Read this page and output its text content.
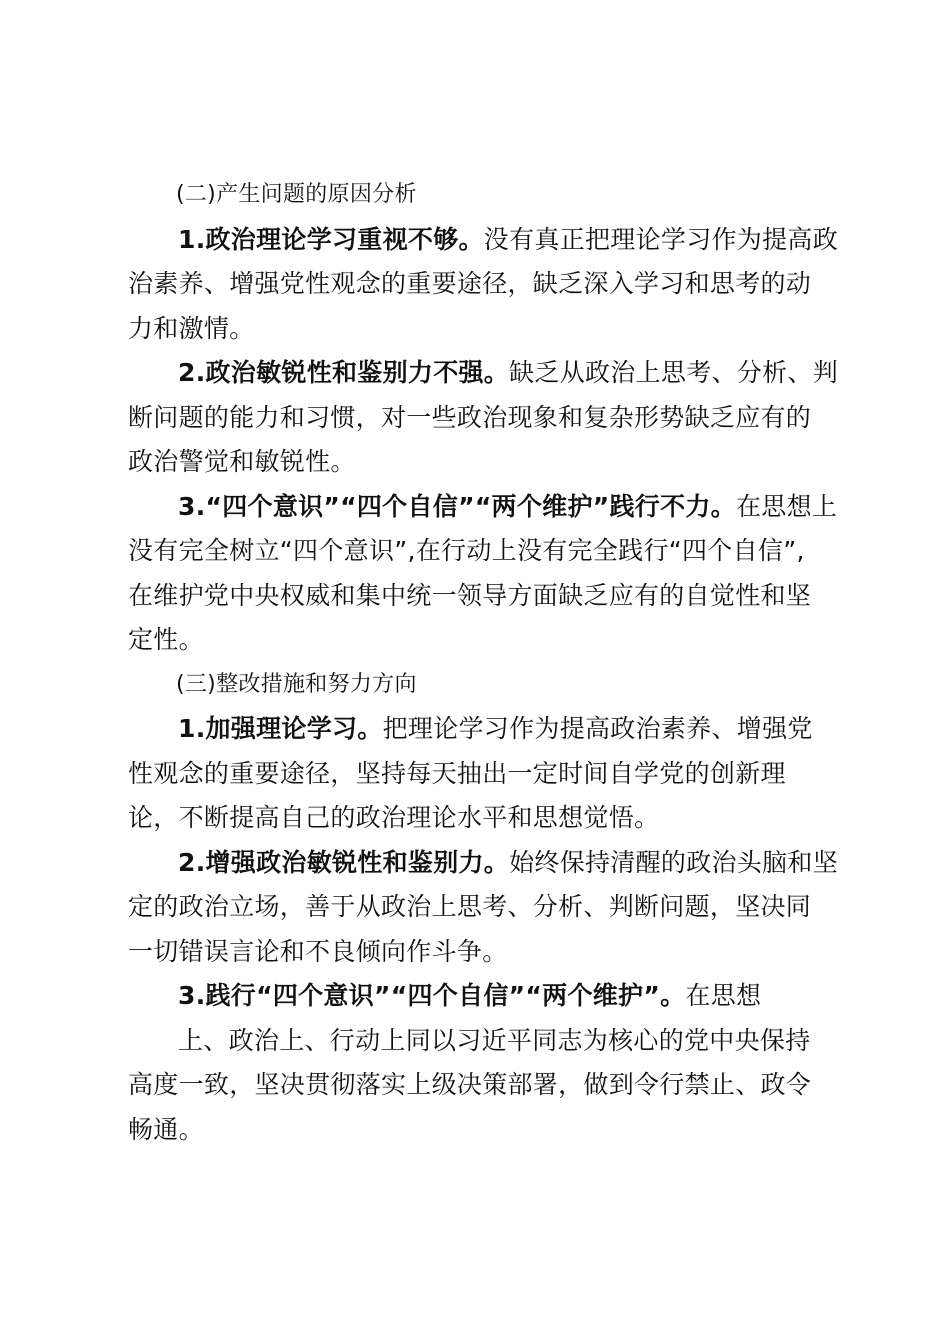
(二)产生问题的原因分析

1.政治理论学习重视不够。没有真正把理论学习作为提高政
治素养、增强党性观念的重要途径，缺乏深入学习和思考的动
力和激情。
2.政治敏锐性和鉴别力不强。缺乏从政治上思考、分析、判
断问题的能力和习惯，对一些政治现象和复杂形势缺乏应有的
政治警觉和敏锐性。
3.“四个意识”“四个自信”“两个维护”践行不力。在思想上
没有完全树立“四个意识”,在行动上没有完全践行“四个自信”,
在维护党中央权威和集中统一领导方面缺乏应有的自觉性和坚
定性。

(三)整改措施和努力方向

1.加强理论学习。把理论学习作为提高政治素养、增强党
性观念的重要途径，坚持每天抽出一定时间自学党的创新理
论，不断提高自己的政治理论水平和思想觉悟。
2.增强政治敏锐性和鉴别力。始终保持清醒的政治头脑和坚
定的政治立场，善于从政治上思考、分析、判断问题，坚决同
一切错误言论和不良倾向作斗争。
3.践行“四个意识”“四个自信”“两个维护”。在思想
上、政治上、行动上同以习近平同志为核心的党中央保持
高度一致，坚决贯彻落实上级决策部署，做到令行禁止、政令
畅通。
